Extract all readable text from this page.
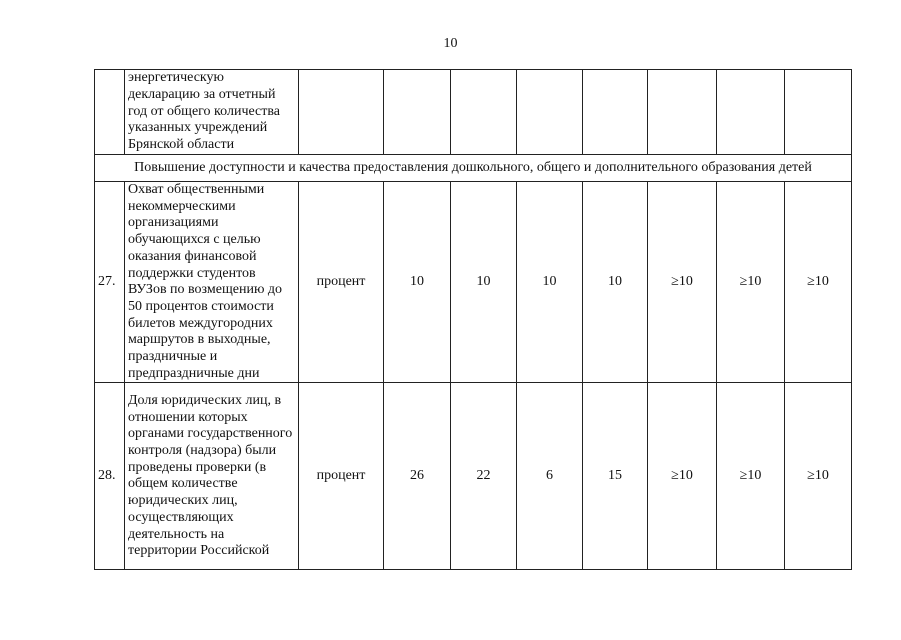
10
	энергетическую декларацию за отчетный год от общего количества указанных учреждений Брянской области								
Повышение доступности и качества предоставления дошкольного, общего и дополнительного образования детей									
27.	Охват общественными некоммерческими организациями обучающихся с целью оказания финансовой поддержки студентов ВУЗов по возмещению до 50 процентов стоимости билетов междугородних маршрутов в выходные, праздничные и предпраздничные дни	процент	10	10	10	10	≥10	≥10	≥10
28.	Доля юридических лиц, в отношении которых органами государственного контроля (надзора) были проведены проверки (в общем количестве юридических лиц, осуществляющих деятельность на территории Российской	процент	26	22	6	15	≥10	≥10	≥10
